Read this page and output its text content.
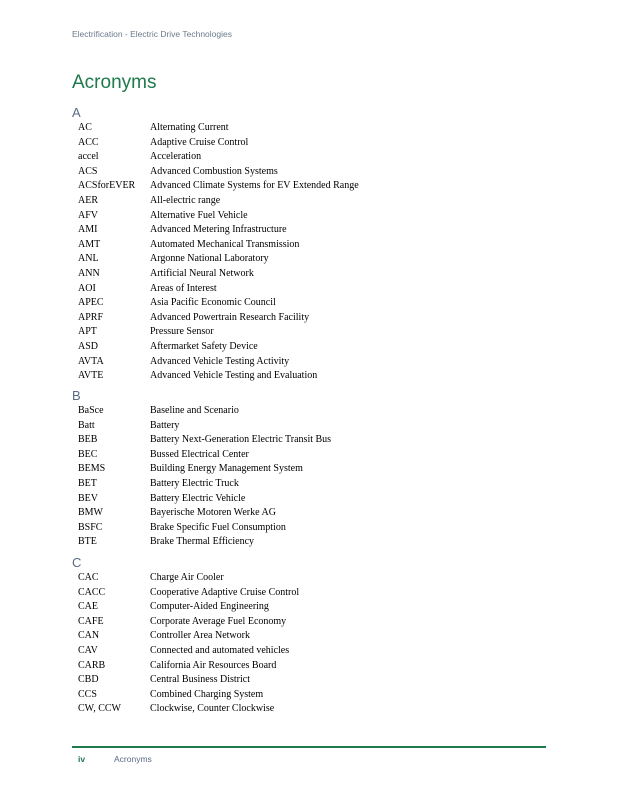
Electrification - Electric Drive Technologies
Acronyms
A
AC	Alternating Current
ACC	Adaptive Cruise Control
accel	Acceleration
ACS	Advanced Combustion Systems
ACSforEVER	Advanced Climate Systems for EV Extended Range
AER	All-electric range
AFV	Alternative Fuel Vehicle
AMI	Advanced Metering Infrastructure
AMT	Automated Mechanical Transmission
ANL	Argonne National Laboratory
ANN	Artificial Neural Network
AOI	Areas of Interest
APEC	Asia Pacific Economic Council
APRF	Advanced Powertrain Research Facility
APT	Pressure Sensor
ASD	Aftermarket Safety Device
AVTA	Advanced Vehicle Testing Activity
AVTE	Advanced Vehicle Testing and Evaluation
B
BaSce	Baseline and Scenario
Batt	Battery
BEB	Battery Next-Generation Electric Transit Bus
BEC	Bussed Electrical Center
BEMS	Building Energy Management System
BET	Battery Electric Truck
BEV	Battery Electric Vehicle
BMW	Bayerische Motoren Werke AG
BSFC	Brake Specific Fuel Consumption
BTE	Brake Thermal Efficiency
C
CAC	Charge Air Cooler
CACC	Cooperative Adaptive Cruise Control
CAE	Computer-Aided Engineering
CAFE	Corporate Average Fuel Economy
CAN	Controller Area Network
CAV	Connected and automated vehicles
CARB	California Air Resources Board
CBD	Central Business District
CCS	Combined Charging System
CW, CCW	Clockwise, Counter Clockwise
iv	Acronyms
